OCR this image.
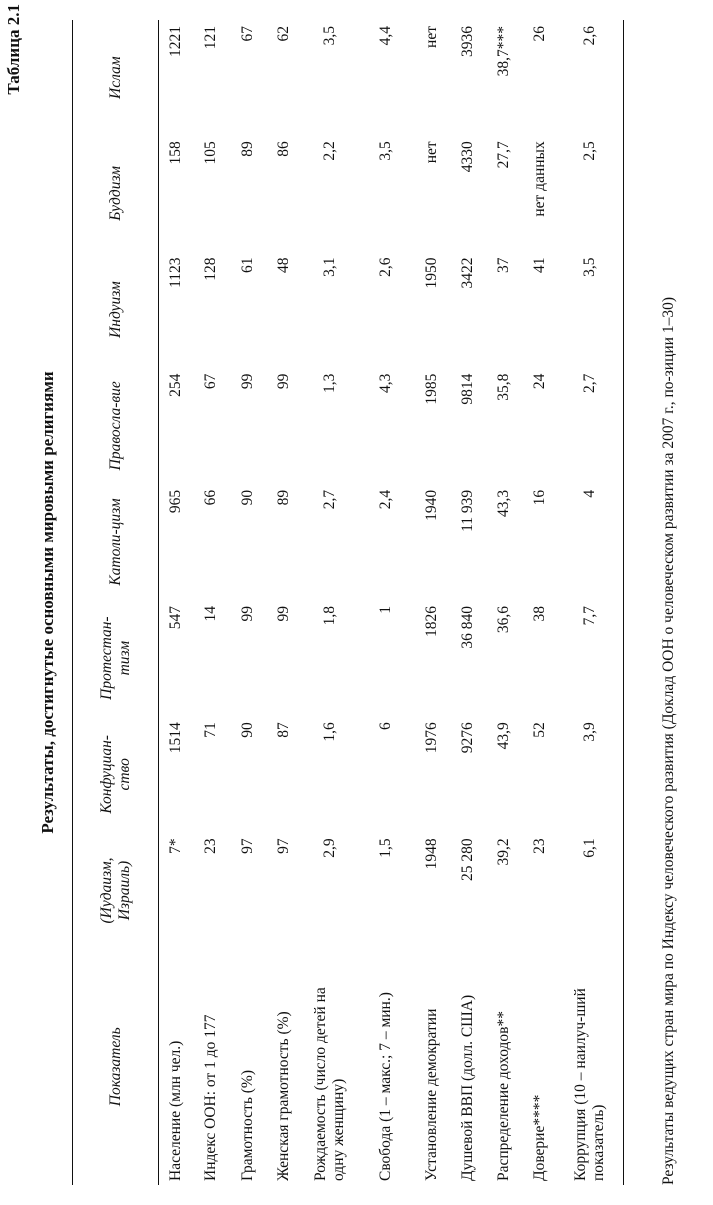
Таблица 2.1
Результаты, достигнутые основными мировыми религиями
Показатель	(Иудаизм, Израиль)	Конфуциан-ство	Протестан-тизм	Католи-цизм	Правосла-вие	Индуизм	Буддизм	Ислам
Население (млн чел.)	7*	1514	547	965	254	1123	158	1221
Индекс ООН: от 1 до 177	23	71	14	66	67	128	105	121
Грамотность (%)	97	90	99	90	99	61	89	67
Женская грамотность (%)	97	87	99	89	99	48	86	62
Рождаемость (число детей на одну женщину)	2,9	1,6	1,8	2,7	1,3	3,1	2,2	3,5
Свобода (1 – макс.; 7 – мин.)	1,5	6	1	2,4	4,3	2,6	3,5	4,4
Установление демократии	1948	1976	1826	1940	1985	1950	нет	нет
Душевой ВВП (долл. США)	25 280	9276	36 840	11 939	9814	3422	4330	3936
Распределение доходов**	39,2	43,9	36,6	43,3	35,8	37	27,7	38,7***
Доверие****	23	52	38	16	24	41	нет данных	26
Коррупция (10 – наилуч-ший показатель)	6,1	3,9	7,7	4	2,7	3,5	2,5	2,6
Результаты ведущих стран мира по Индексу человеческого развития (Доклад ООН о человеческом развитии за 2007 г., по-зиции 1–30)
